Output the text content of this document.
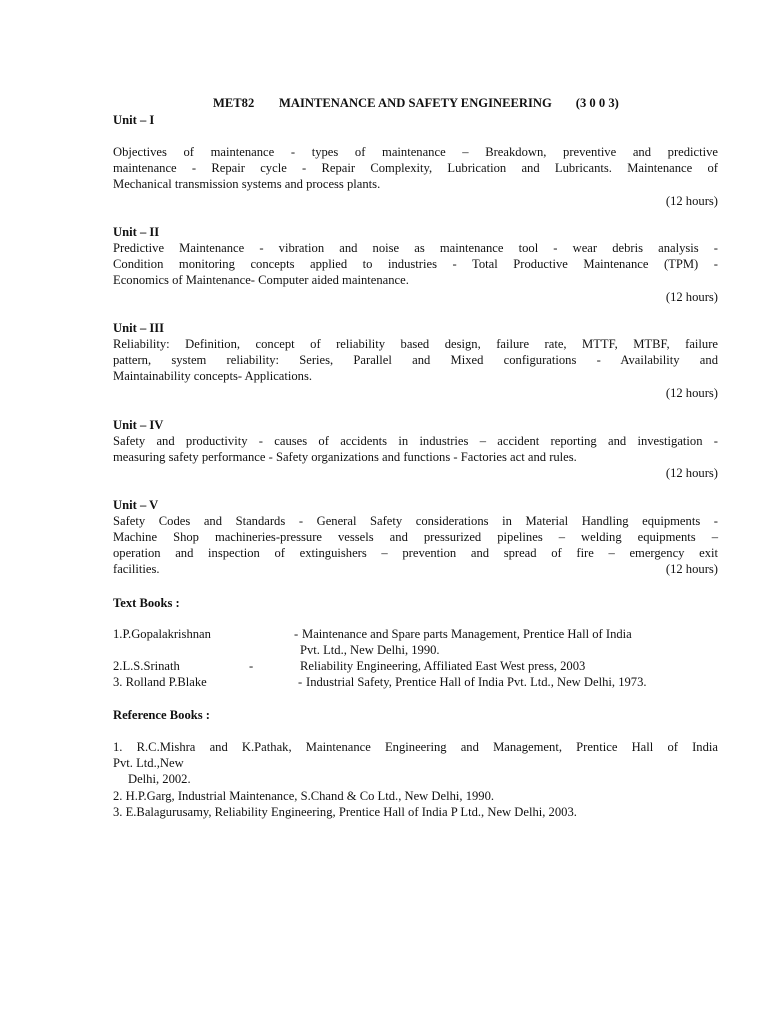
MET82 MAINTENANCE AND SAFETY ENGINEERING (3 0 0 3)
Unit – I
Objectives of maintenance - types of maintenance – Breakdown, preventive and predictive
maintenance - Repair cycle - Repair Complexity, Lubrication and Lubricants. Maintenance of
Mechanical transmission systems and process plants.
(12 hours)
Unit – II
Predictive Maintenance - vibration and noise as maintenance tool - wear debris analysis -
Condition monitoring concepts applied to industries - Total Productive Maintenance (TPM) -
Economics of Maintenance- Computer aided maintenance.
(12 hours)
Unit – III
Reliability: Definition, concept of reliability based design, failure rate, MTTF, MTBF, failure
pattern, system reliability: Series, Parallel and Mixed configurations - Availability and
Maintainability concepts- Applications.
(12 hours)
Unit – IV
Safety and productivity - causes of accidents in industries – accident reporting and investigation -
measuring safety performance - Safety organizations and functions - Factories act and rules.
(12 hours)
Unit – V
Safety Codes and Standards - General Safety considerations in Material Handling equipments -
Machine Shop machineries-pressure vessels and pressurized pipelines – welding equipments –
operation and inspection of extinguishers – prevention and spread of fire – emergency exit
facilities.	(12 hours)
Text Books :
1.P.Gopalakrishnan	- Maintenance and Spare parts Management, Prentice Hall of India
Pvt. Ltd., New Delhi, 1990.
2.L.S.Srinath	-	Reliability Engineering, Affiliated East West press, 2003
3. Rolland P.Blake	- Industrial Safety, Prentice Hall of India Pvt. Ltd., New Delhi, 1973.
Reference Books :
1. R.C.Mishra and K.Pathak, Maintenance Engineering and Management, Prentice Hall of India
Pvt. Ltd.,New
Delhi, 2002.
2. H.P.Garg, Industrial Maintenance, S.Chand & Co Ltd., New Delhi, 1990.
3. E.Balagurusamy, Reliability Engineering, Prentice Hall of India P Ltd., New Delhi, 2003.
